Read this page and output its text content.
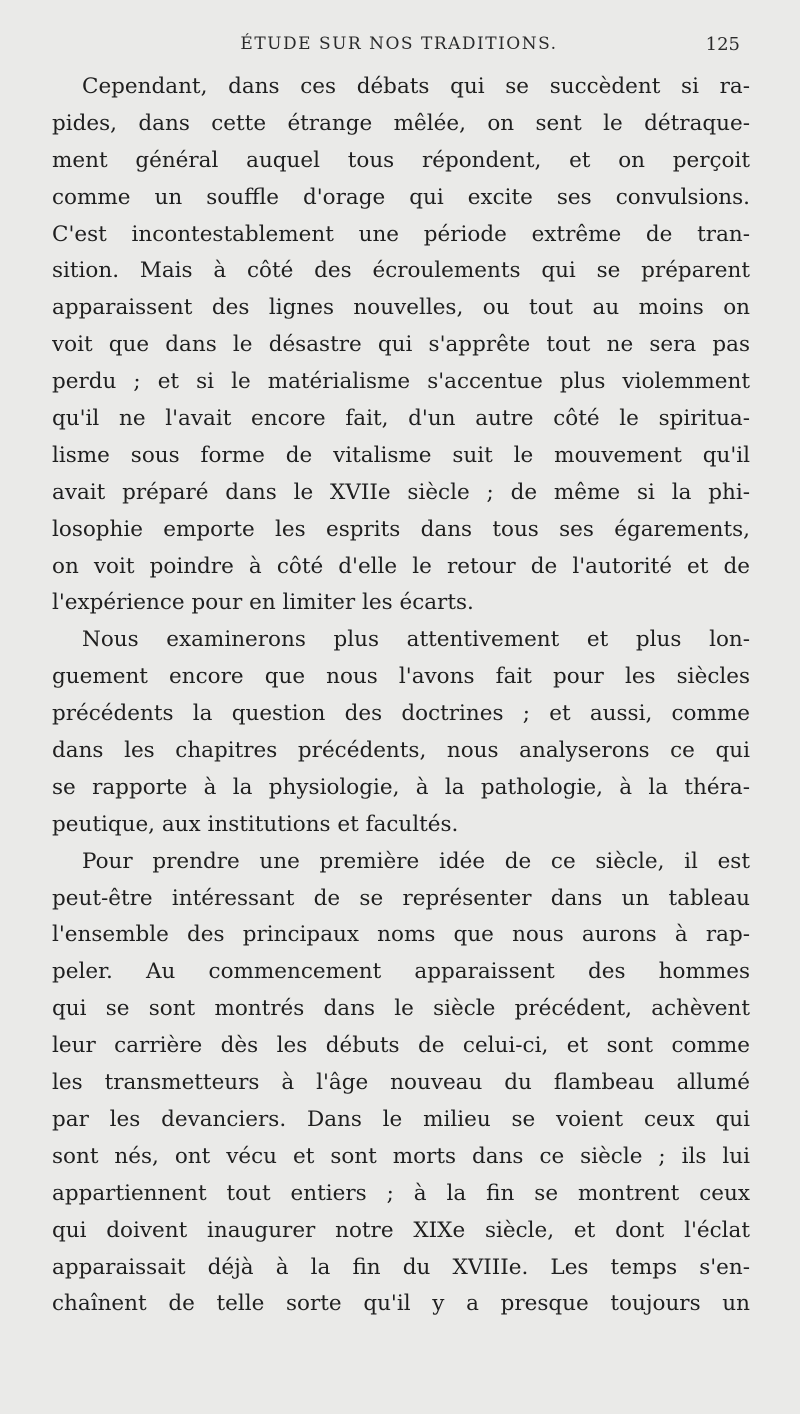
ÉTUDE SUR NOS TRADITIONS.	125
Cependant, dans ces débats qui se succèdent si ra-
pides, dans cette étrange mêlée, on sent le détraque-
ment général auquel tous répondent, et on perçoit
comme un souffle d'orage qui excite ses convulsions.
C'est incontestablement une période extrême de tran-
sition. Mais à côté des écroulements qui se préparent
apparaissent des lignes nouvelles, ou tout au moins on
voit que dans le désastre qui s'apprête tout ne sera pas
perdu ; et si le matérialisme s'accentue plus violemment
qu'il ne l'avait encore fait, d'un autre côté le spiritua-
lisme sous forme de vitalisme suit le mouvement qu'il
avait préparé dans le XVIIe siècle ; de même si la phi-
losophie emporte les esprits dans tous ses égarements,
on voit poindre à côté d'elle le retour de l'autorité et de
l'expérience pour en limiter les écarts.
Nous examinerons plus attentivement et plus lon-
guement encore que nous l'avons fait pour les siècles
précédents la question des doctrines ; et aussi, comme
dans les chapitres précédents, nous analyserons ce qui
se rapporte à la physiologie, à la pathologie, à la théra-
peutique, aux institutions et facultés.
Pour prendre une première idée de ce siècle, il est
peut-être intéressant de se représenter dans un tableau
l'ensemble des principaux noms que nous aurons à rap-
peler. Au commencement apparaissent des hommes
qui se sont montrés dans le siècle précédent, achèvent
leur carrière dès les débuts de celui-ci, et sont comme
les transmetteurs à l'âge nouveau du flambeau allumé
par les devanciers. Dans le milieu se voient ceux qui
sont nés, ont vécu et sont morts dans ce siècle ; ils lui
appartiennent tout entiers ; à la fin se montrent ceux
qui doivent inaugurer notre XIXe siècle, et dont l'éclat
apparaissait déjà à la fin du XVIIIe. Les temps s'en-
chaînent de telle sorte qu'il y a presque toujours un
